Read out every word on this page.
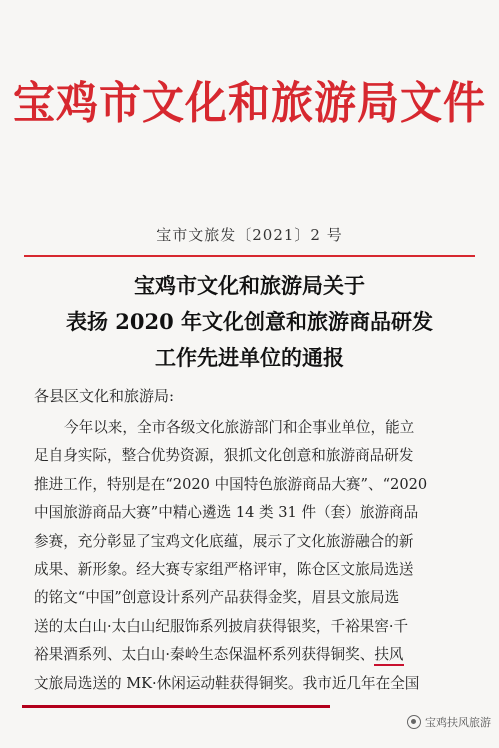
宝鸡市文化和旅游局文件
宝市文旅发〔2021〕2 号
宝鸡市文化和旅游局关于
表扬 2020 年文化创意和旅游商品研发
工作先进单位的通报
各县区文化和旅游局:
今年以来，全市各级文化旅游部门和企事业单位，能立
足自身实际，整合优势资源，狠抓文化创意和旅游商品研发
推进工作，特别是在“2020 中国特色旅游商品大赛”、“2020
中国旅游商品大赛”中精心遴选 14 类 31 件（套）旅游商品
参赛，充分彰显了宝鸡文化底蕴，展示了文化旅游融合的新
成果、新形象。经大赛专家组严格评审，陈仓区文旅局选送
的铭文“中国”创意设计系列产品获得金奖，眉县文旅局选
送的太白山·太白山纪服饰系列披肩获得银奖，千裕果窖·千
裕果酒系列、太白山·秦岭生态保温杯系列获得铜奖、扶风
文旅局选送的 MK·休闲运动鞋获得铜奖。我市近几年在全国
宝鸡扶风旅游
